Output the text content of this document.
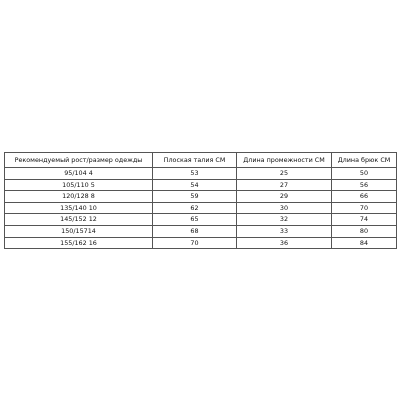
Рекомендуемый рост/размер одежды	Плоская талия СМ	Длина промежности СМ	Длина брюк СМ
95/104 4	53	25	50
105/110 5	54	27	56
120/128 8	59	29	66
135/140 10	62	30	70
145/152 12	65	32	74
150/15714	68	33	80
155/162 16	70	36	84
